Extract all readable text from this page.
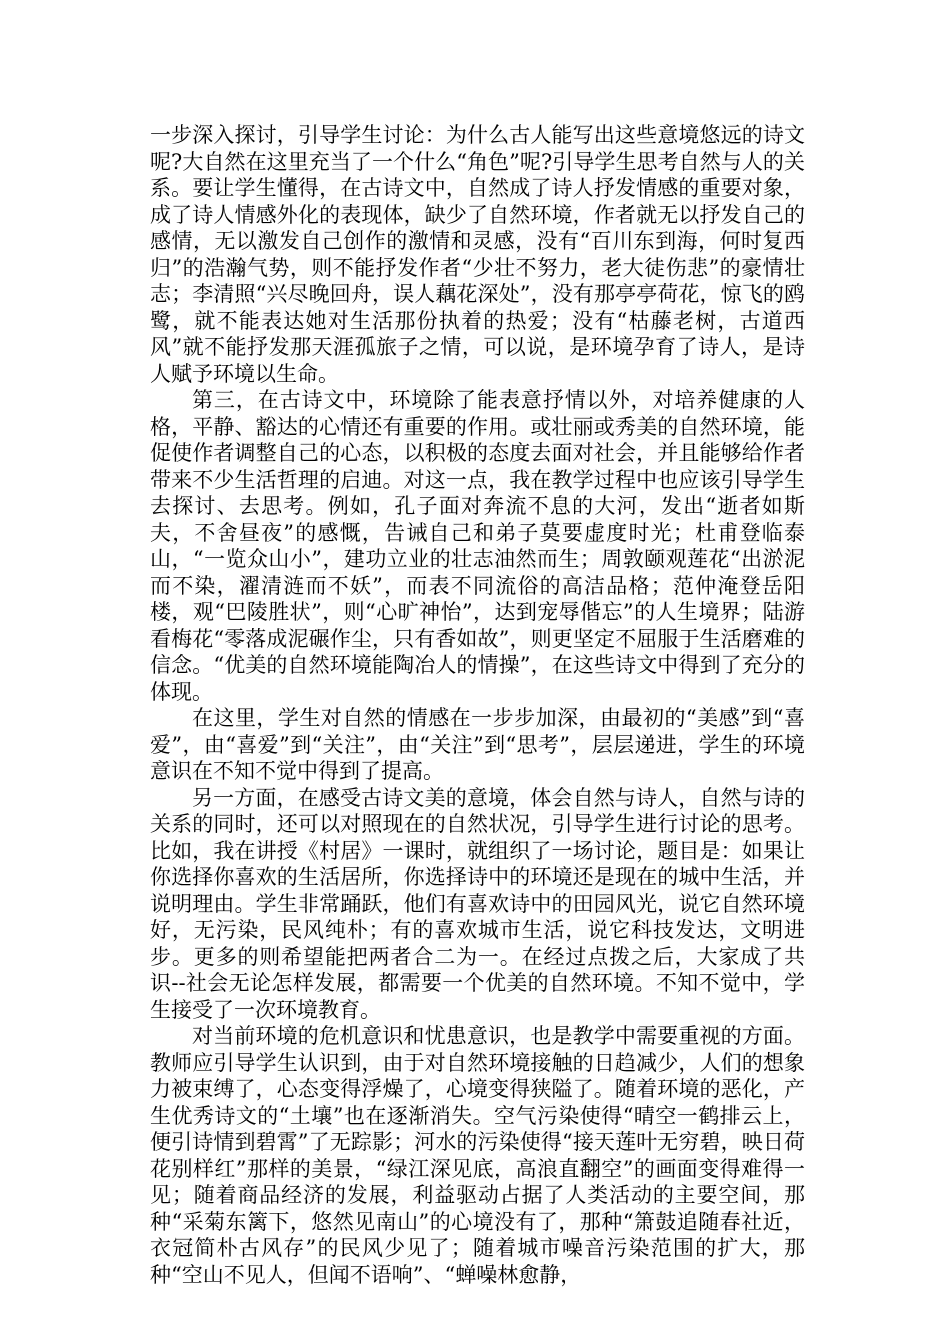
一步深入探讨，引导学生讨论：为什么古人能写出这些意境悠远的诗文呢?大自然在这里充当了一个什么“角色”呢?引导学生思考自然与人的关系。要让学生懂得，在古诗文中，自然成了诗人抒发情感的重要对象，成了诗人情感外化的表现体，缺少了自然环境，作者就无以抒发自己的感情，无以激发自己创作的激情和灵感，没有“百川东到海，何时复西归”的浩瀚气势，则不能抒发作者“少壮不努力，老大徒伤悲”的豪情壮志；李清照“兴尽晚回舟，误人藕花深处”，没有那亭亭荷花，惊飞的鸥鹭，就不能表达她对生活那份执着的热爱；没有“枯藤老树，古道西风”就不能抒发那天涯孤旅子之情，可以说，是环境孕育了诗人，是诗人赋予环境以生命。

第三，在古诗文中，环境除了能表意抒情以外，对培养健康的人格，平静、豁达的心情还有重要的作用。或壮丽或秀美的自然环境，能促使作者调整自己的心态，以积极的态度去面对社会，并且能够给作者带来不少生活哲理的启迪。对这一点，我在教学过程中也应该引导学生去探讨、去思考。例如，孔子面对奔流不息的大河，发出“逝者如斯夫，不舍昼夜”的感慨，告诫自己和弟子莫要虚度时光；杜甫登临泰山，“一览众山小”，建功立业的壮志油然而生；周敦颐观莲花“出淤泥而不染，濯清涟而不妖”，而表不同流俗的高洁品格；范仲淹登岳阳楼，观“巴陵胜状”，则“心旷神怡”，达到宠辱偕忘”的人生境界；陆游看梅花“零落成泥碾作尘，只有香如故”，则更坚定不屈服于生活磨难的信念。“优美的自然环境能陶冶人的情操”，在这些诗文中得到了充分的体现。

在这里，学生对自然的情感在一步步加深，由最初的“美感”到“喜爱”，由“喜爱”到“关注”，由“关注”到“思考”，层层递进，学生的环境意识在不知不觉中得到了提高。

另一方面，在感受古诗文美的意境，体会自然与诗人，自然与诗的关系的同时，还可以对照现在的自然状况，引导学生进行讨论的思考。比如，我在讲授《村居》一课时，就组织了一场讨论，题目是：如果让你选择你喜欢的生活居所，你选择诗中的环境还是现在的城中生活，并说明理由。学生非常踊跃，他们有喜欢诗中的田园风光，说它自然环境好，无污染，民风纯朴；有的喜欢城市生活，说它科技发达，文明进步。更多的则希望能把两者合二为一。在经过点拨之后，大家成了共识--社会无论怎样发展，都需要一个优美的自然环境。不知不觉中，学生接受了一次环境教育。

对当前环境的危机意识和忧患意识，也是教学中需要重视的方面。教师应引导学生认识到，由于对自然环境接触的日趋减少，人们的想象力被束缚了，心态变得浮燥了，心境变得狭隘了。随着环境的恶化，产生优秀诗文的“土壤”也在逐渐消失。空气污染使得“晴空一鹤排云上，便引诗情到碧霄”了无踪影；河水的污染使得“接天莲叶无穷碧，映日荷花别样红”那样的美景，“绿江深见底，高浪直翻空”的画面变得难得一见；随着商品经济的发展，利益驱动占据了人类活动的主要空间，那种“采菊东篱下，悠然见南山”的心境没有了，那种“箫鼓追随春社近，衣冠简朴古风存”的民风少见了；随着城市噪音污染范围的扩大，那种“空山不见人，但闻不语响”、“蝉噪林愈静，
